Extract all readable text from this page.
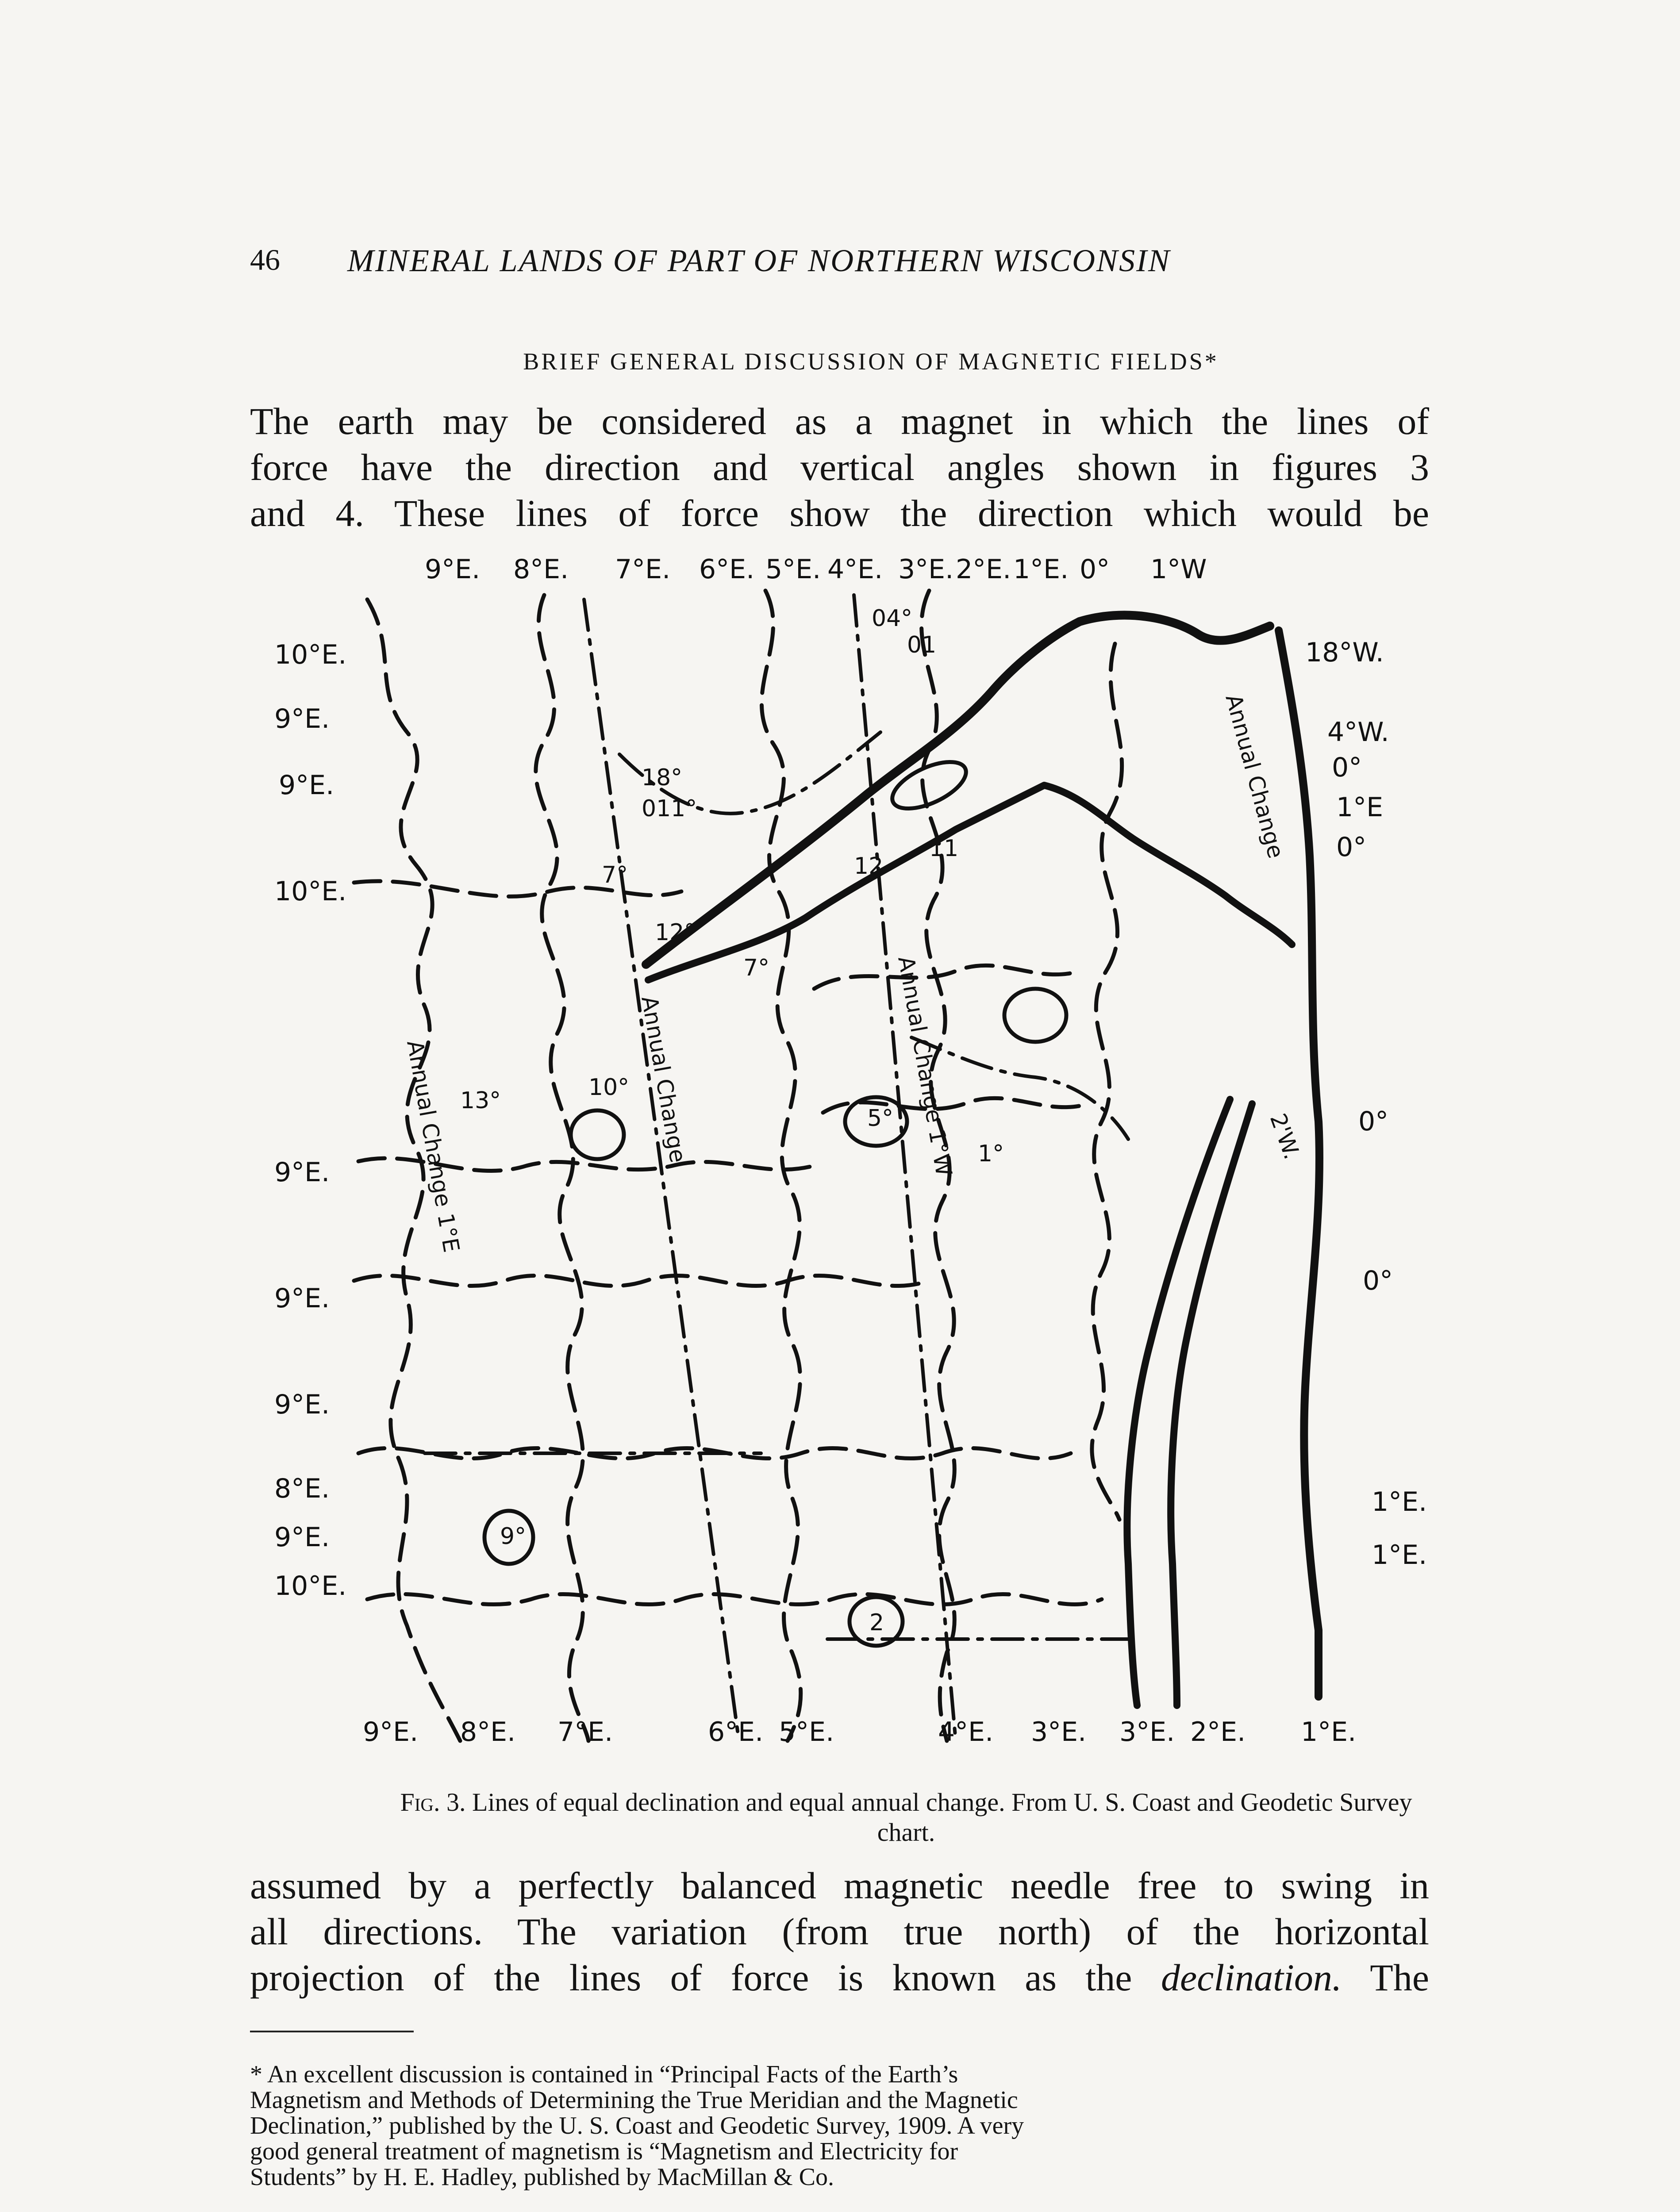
46 MINERAL LANDS OF PART OF NORTHERN WISCONSIN
BRIEF GENERAL DISCUSSION OF MAGNETIC FIELDS*
The earth may be considered as a magnet in which the lines of
force have the direction and vertical angles shown in figures 3
and 4. These lines of force show the direction which would be
9°E. 8°E. 7°E. 6°E. 5°E. 4°E. 3°E. 2°E. 1°E. 0° 1°W
9°E. 8°E. 7°E.	6°E. 5°E.	4°E. 3°E. 3°E. 2°E. 1°E.
10°E.
9°E.
9°E.
10°E.
9°E.
9°E.
9°E.
8°E.
9°E.
10°E.
18°W.
4°W.
0°
1°E
0°
0°
0°
1°E.
1°E.
04°
01
18°
011°
12
11
12°
7°
7°
13°	10°
5°
1°
9°
2
Annual Change 1°E	Annual Change	Annual Change 1°W
Annual Change
2'W.
Fig. 3. Lines of equal declination and equal annual change. From U. S. Coast and Geodetic Survey chart.
assumed by a perfectly balanced magnetic needle free to swing in
all directions. The variation (from true north) of the horizontal
projection of the lines of force is known as the declination. The
* An excellent discussion is contained in “Principal Facts of the Earth’s
Magnetism and Methods of Determining the True Meridian and the Magnetic
Declination,” published by the U. S. Coast and Geodetic Survey, 1909. A very
good general treatment of magnetism is “Magnetism and Electricity for
Students” by H. E. Hadley, published by MacMillan & Co.
